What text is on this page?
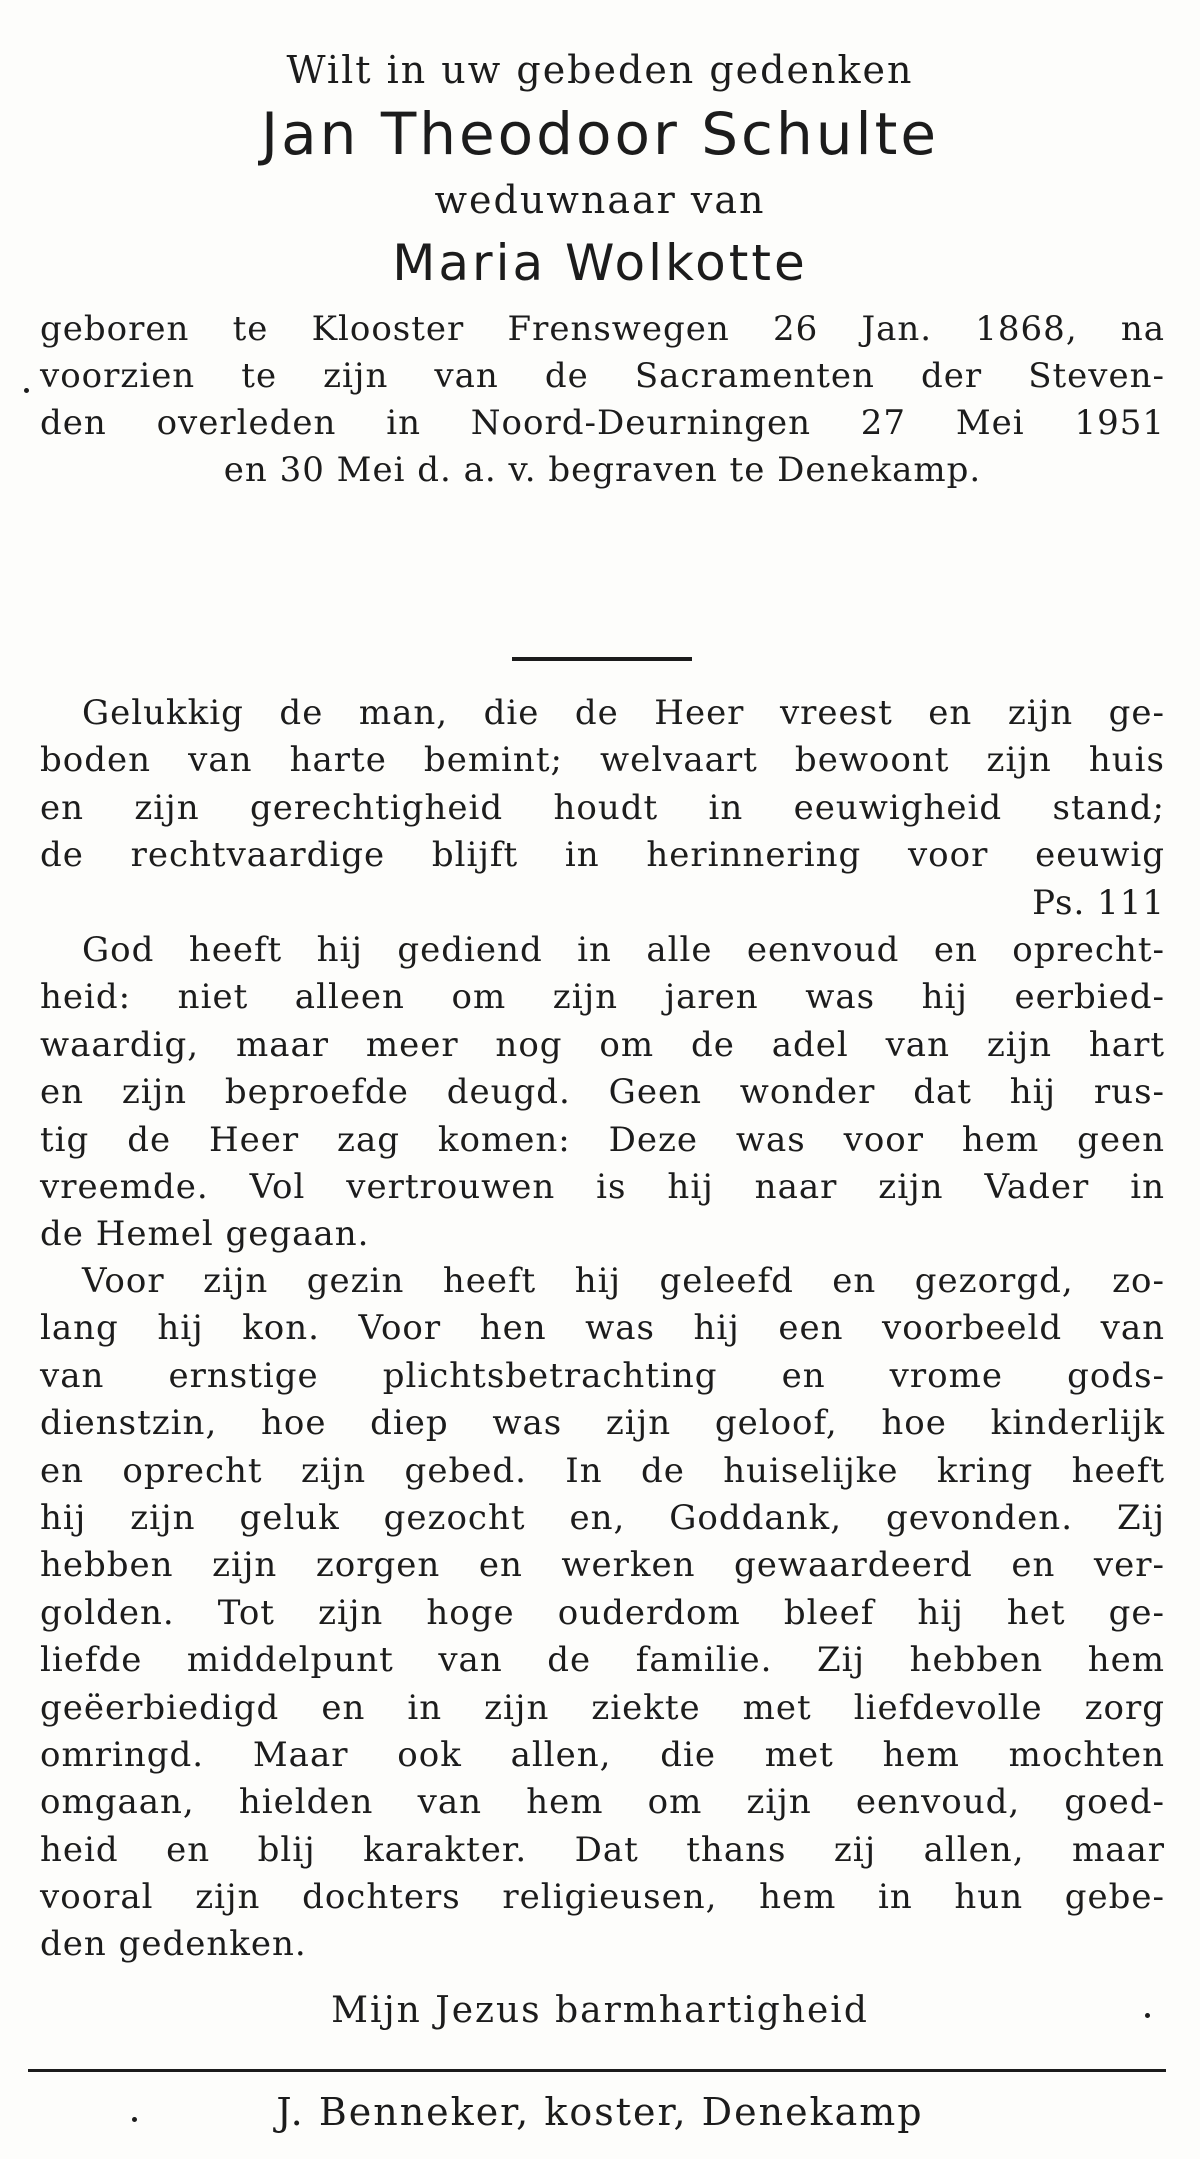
Wilt in uw gebeden gedenken
Jan Theodoor Schulte
weduwnaar van
Maria Wolkotte
geboren te Klooster Frenswegen 26 Jan. 1868, na
voorzien te zijn van de Sacramenten der Steven-
den overleden in Noord-Deurningen 27 Mei 1951
en 30 Mei d. a. v. begraven te Denekamp.
Gelukkig de man, die de Heer vreest en zijn ge-
boden van harte bemint; welvaart bewoont zijn huis
en zijn gerechtigheid houdt in eeuwigheid stand;
de rechtvaardige blijft in herinnering voor eeuwig
Ps. 111
God heeft hij gediend in alle eenvoud en oprecht-
heid: niet alleen om zijn jaren was hij eerbied-
waardig, maar meer nog om de adel van zijn hart
en zijn beproefde deugd. Geen wonder dat hij rus-
tig de Heer zag komen: Deze was voor hem geen
vreemde. Vol vertrouwen is hij naar zijn Vader in
de Hemel gegaan.
Voor zijn gezin heeft hij geleefd en gezorgd, zo-
lang hij kon. Voor hen was hij een voorbeeld van
van ernstige plichtsbetrachting en vrome gods-
dienstzin, hoe diep was zijn geloof, hoe kinderlijk
en oprecht zijn gebed. In de huiselijke kring heeft
hij zijn geluk gezocht en, Goddank, gevonden. Zij
hebben zijn zorgen en werken gewaardeerd en ver-
golden. Tot zijn hoge ouderdom bleef hij het ge-
liefde middelpunt van de familie. Zij hebben hem
geëerbiedigd en in zijn ziekte met liefdevolle zorg
omringd. Maar ook allen, die met hem mochten
omgaan, hielden van hem om zijn eenvoud, goed-
heid en blij karakter. Dat thans zij allen, maar
vooral zijn dochters religieusen, hem in hun gebe-
den gedenken.
Mijn Jezus barmhartigheid
J. Benneker, koster, Denekamp
